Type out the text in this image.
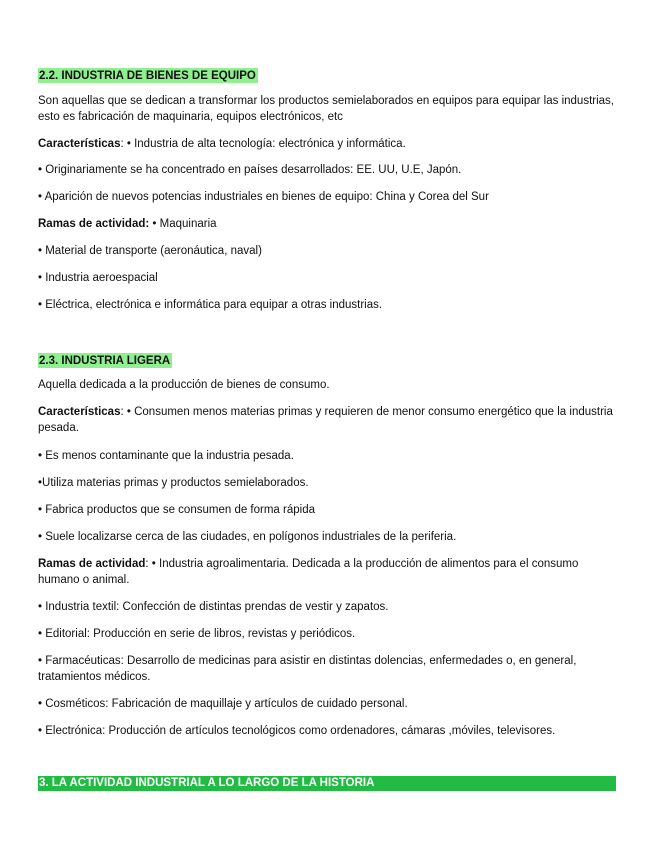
2.2. INDUSTRIA DE BIENES DE EQUIPO

Son aquellas que se dedican a transformar los productos semielaborados en equipos para equipar las industrias, esto es fabricación de maquinaria, equipos electrónicos, etc

Características: • Industria de alta tecnología: electrónica y informática.

• Originariamente se ha concentrado en países desarrollados: EE. UU, U.E, Japón.

• Aparición de nuevos potencias industriales en bienes de equipo: China y Corea del Sur

Ramas de actividad: • Maquinaria

• Material de transporte (aeronáutica, naval)

• Industria aeroespacial

• Eléctrica, electrónica e informática para equipar a otras industrias.

2.3. INDUSTRIA LIGERA

Aquella dedicada a la producción de bienes de consumo.

Características: • Consumen menos materias primas y requieren de menor consumo energético que la industria pesada.

• Es menos contaminante que la industria pesada.

•Utiliza materias primas y productos semielaborados.

• Fabrica productos que se consumen de forma rápida

• Suele localizarse cerca de las ciudades, en polígonos industriales de la periferia.

Ramas de actividad: • Industria agroalimentaria. Dedicada a la producción de alimentos para el consumo humano o animal.

• Industria textil: Confección de distintas prendas de vestir y zapatos.

• Editorial: Producción en serie de libros, revistas y periódicos.

• Farmacéuticas: Desarrollo de medicinas para asistir en distintas dolencias, enfermedades o, en general, tratamientos médicos.

• Cosméticos: Fabricación de maquillaje y artículos de cuidado personal.

• Electrónica: Producción de artículos tecnológicos como ordenadores, cámaras ,móviles, televisores.

3. LA ACTIVIDAD INDUSTRIAL A LO LARGO DE LA HISTORIA
